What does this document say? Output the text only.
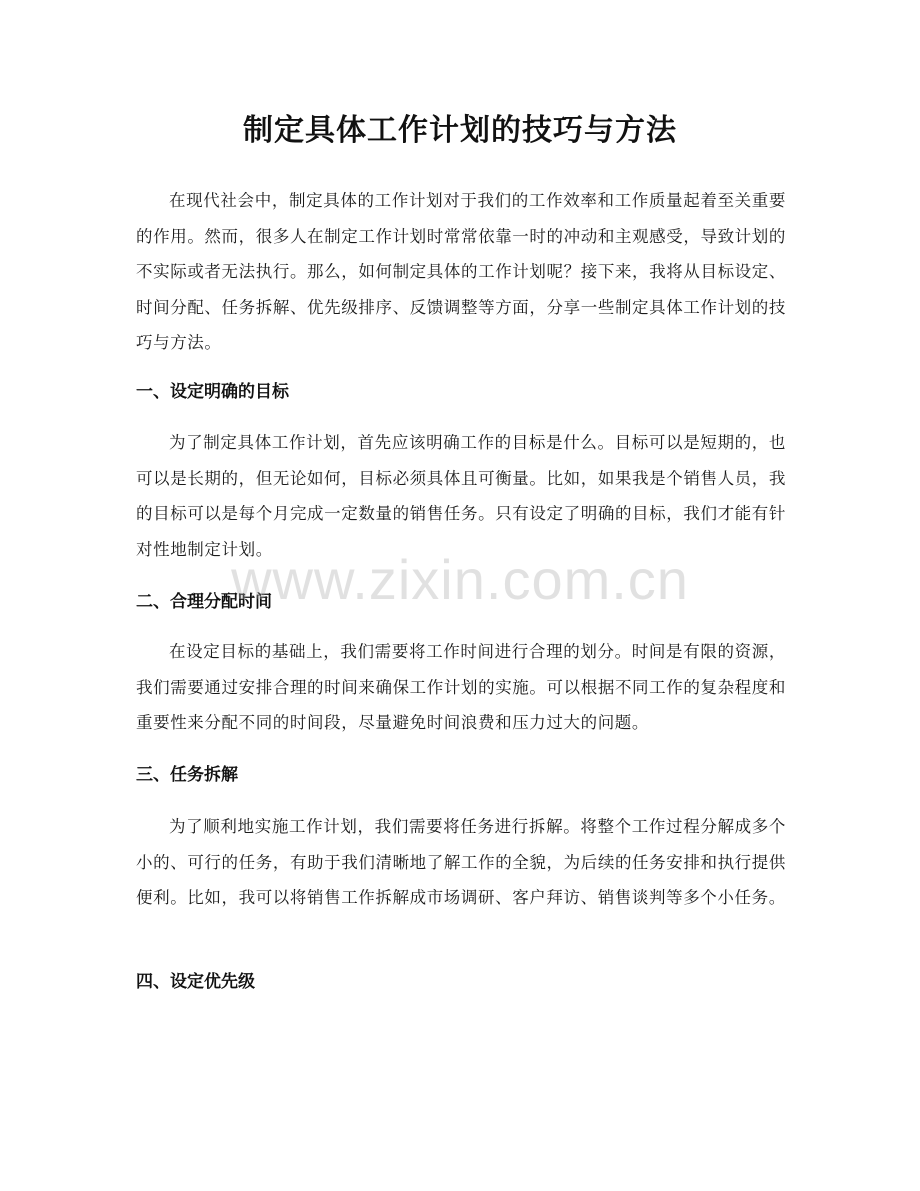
制定具体工作计划的技巧与方法

在现代社会中，制定具体的工作计划对于我们的工作效率和工作质量起着至关重要的作用。然而，很多人在制定工作计划时常常依靠一时的冲动和主观感受，导致计划的不实际或者无法执行。那么，如何制定具体的工作计划呢？接下来，我将从目标设定、时间分配、任务拆解、优先级排序、反馈调整等方面，分享一些制定具体工作计划的技巧与方法。

一、设定明确的目标

为了制定具体工作计划，首先应该明确工作的目标是什么。目标可以是短期的，也可以是长期的，但无论如何，目标必须具体且可衡量。比如，如果我是个销售人员，我的目标可以是每个月完成一定数量的销售任务。只有设定了明确的目标，我们才能有针对性地制定计划。

二、合理分配时间

在设定目标的基础上，我们需要将工作时间进行合理的划分。时间是有限的资源，我们需要通过安排合理的时间来确保工作计划的实施。可以根据不同工作的复杂程度和重要性来分配不同的时间段，尽量避免时间浪费和压力过大的问题。

三、任务拆解

为了顺利地实施工作计划，我们需要将任务进行拆解。将整个工作过程分解成多个小的、可行的任务，有助于我们清晰地了解工作的全貌，为后续的任务安排和执行提供便利。比如，我可以将销售工作拆解成市场调研、客户拜访、销售谈判等多个小任务。

四、设定优先级
www.zixin.com.cn
